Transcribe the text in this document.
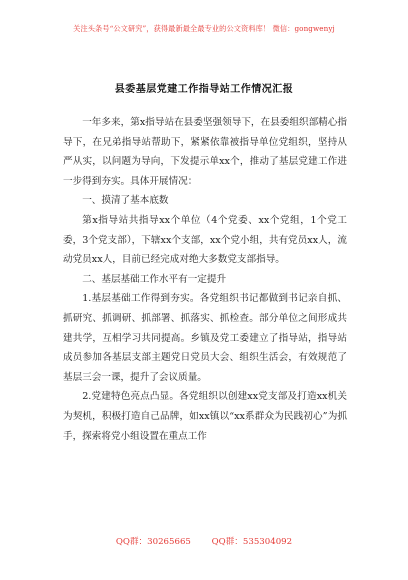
关注头条号“公文研究”，获得最新最全最专业的公文资料库！ 微信：gongwenyj
县委基层党建工作指导站工作情况汇报

一年多来，第x指导站在县委坚强领导下，在县委组织部精心指导下，在兄弟指导站帮助下，紧紧依靠被指导单位党组织，坚持从严从实，以问题为导向，下发提示单xx个，推动了基层党建工作进一步得到夯实。具体开展情况：

一、摸清了基本底数

第x指导站共指导xx个单位（4个党委、xx个党组，1个党工委，3个党支部），下辖xx个支部，xx个党小组，共有党员xx人，流动党员xx人，目前已经完成对绝大多数党支部指导。

二、基层基础工作水平有一定提升

1.基层基础工作得到夯实。各党组织书记都做到书记亲自抓、抓研究、抓调研、抓部署、抓落实、抓检查。部分单位之间形成共建共学，互相学习共同提高。乡镇及党工委建立了指导站，指导站成员参加各基层支部主题党日党员大会、组织生活会，有效规范了基层三会一课，提升了会议质量。

2.党建特色亮点凸显。各党组织以创建xx党支部及打造xx机关为契机，积极打造自己品牌，如xx镇以“xx系群众为民践初心”为抓手，探索将党小组设置在重点工作

QQ群：30265665 QQ群：535304092
